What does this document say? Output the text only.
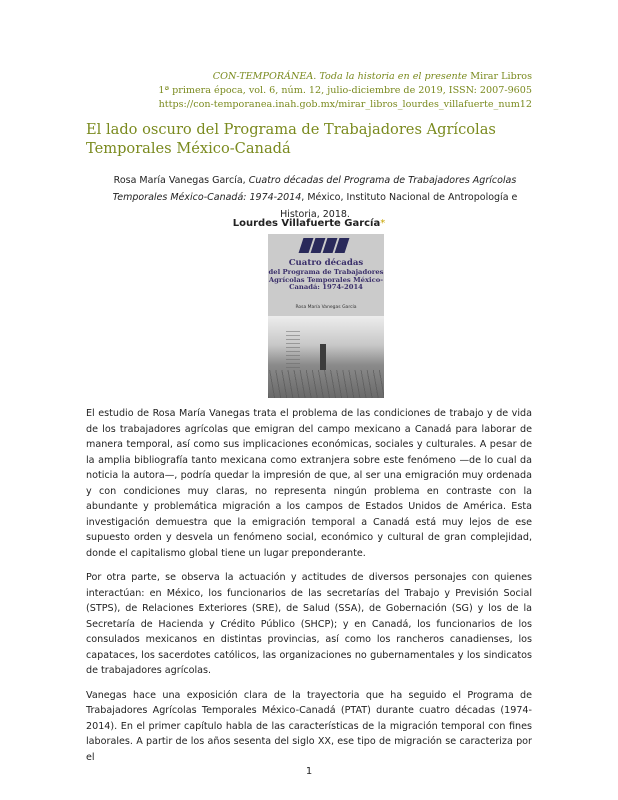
CON-TEMPORÁNEA. Toda la historia en el presente Mirar Libros
1ª primera época, vol. 6, núm. 12, julio-diciembre de 2019, ISSN: 2007-9605
https://con-temporanea.inah.gob.mx/mirar_libros_lourdes_villafuerte_num12
El lado oscuro del Programa de Trabajadores Agrícolas Temporales México-Canadá
Rosa María Vanegas García, Cuatro décadas del Programa de Trabajadores Agrícolas Temporales México-Canadá: 1974-2014, México, Instituto Nacional de Antropología e Historia, 2018.
Lourdes Villafuerte García*
Cuatro décadas
del Programa de Trabajadores Agrícolas Temporales México-Canadá: 1974-2014
Rosa María Vanegas García

El estudio de Rosa María Vanegas trata el problema de las condiciones de trabajo y de vida de los trabajadores agrícolas que emigran del campo mexicano a Canadá para laborar de manera temporal, así como sus implicaciones económicas, sociales y culturales. A pesar de la amplia bibliografía tanto mexicana como extranjera sobre este fenómeno —de lo cual da noticia la autora—, podría quedar la impresión de que, al ser una emigración muy ordenada y con condiciones muy claras, no representa ningún problema en contraste con la abundante y problemática migración a los campos de Estados Unidos de América. Esta investigación demuestra que la emigración temporal a Canadá está muy lejos de ese supuesto orden y desvela un fenómeno social, económico y cultural de gran complejidad, donde el capitalismo global tiene un lugar preponderante.

Por otra parte, se observa la actuación y actitudes de diversos personajes con quienes interactúan: en México, los funcionarios de las secretarías del Trabajo y Previsión Social (STPS), de Relaciones Exteriores (SRE), de Salud (SSA), de Gobernación (SG) y los de la Secretaría de Hacienda y Crédito Público (SHCP); y en Canadá, los funcionarios de los consulados mexicanos en distintas provincias, así como los rancheros canadienses, los capataces, los sacerdotes católicos, las organizaciones no gubernamentales y los sindicatos de trabajadores agrícolas.

Vanegas hace una exposición clara de la trayectoria que ha seguido el Programa de Trabajadores Agrícolas Temporales México-Canadá (PTAT) durante cuatro décadas (1974-2014). En el primer capítulo habla de las características de la migración temporal con fines laborales. A partir de los años sesenta del siglo XX, ese tipo de migración se caracteriza por el

1
